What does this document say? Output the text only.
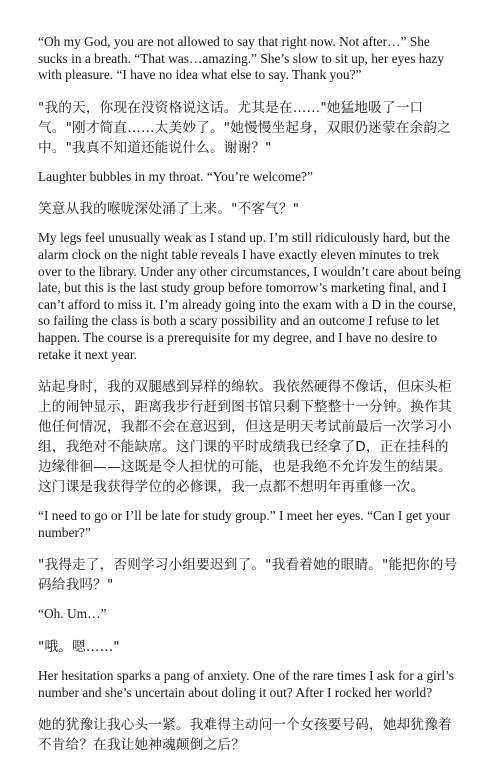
“Oh my God, you are not allowed to say that right now. Not after…” She sucks in a breath. “That was…amazing.” She’s slow to sit up, her eyes hazy with pleasure. “I have no idea what else to say. Thank you?”

"我的天，你现在没资格说这话。尤其是在……"她猛地吸了一口气。"刚才简直……太美妙了。"她慢慢坐起身，双眼仍迷蒙在余韵之中。"我真不知道还能说什么。谢谢？"

Laughter bubbles in my throat. “You’re welcome?”

笑意从我的喉咙深处涌了上来。"不客气？"

My legs feel unusually weak as I stand up. I’m still ridiculously hard, but the alarm clock on the night table reveals I have exactly eleven minutes to trek over to the library. Under any other circumstances, I wouldn’t care about being late, but this is the last study group before tomorrow’s marketing final, and I can’t afford to miss it. I’m already going into the exam with a D in the course, so failing the class is both a scary possibility and an outcome I refuse to let happen. The course is a prerequisite for my degree, and I have no desire to retake it next year.

站起身时，我的双腿感到异样的绵软。我依然硬得不像话，但床头柜上的闹钟显示，距离我步行赶到图书馆只剩下整整十一分钟。换作其他任何情况，我都不会在意迟到，但这是明天考试前最后一次学习小组，我绝对不能缺席。这门课的平时成绩我已经拿了D，正在挂科的边缘徘徊——这既是令人担忧的可能，也是我绝不允许发生的结果。这门课是我获得学位的必修课，我一点都不想明年再重修一次。

“I need to go or I’ll be late for study group.” I meet her eyes. “Can I get your number?”

"我得走了，否则学习小组要迟到了。"我看着她的眼睛。"能把你的号码给我吗？"

“Oh. Um…”

"哦。嗯……"

Her hesitation sparks a pang of anxiety. One of the rare times I ask for a girl’s number and she’s uncertain about doling it out? After I rocked her world?

她的犹豫让我心头一紧。我难得主动问一个女孩要号码，她却犹豫着不肯给？在我让她神魂颠倒之后？
